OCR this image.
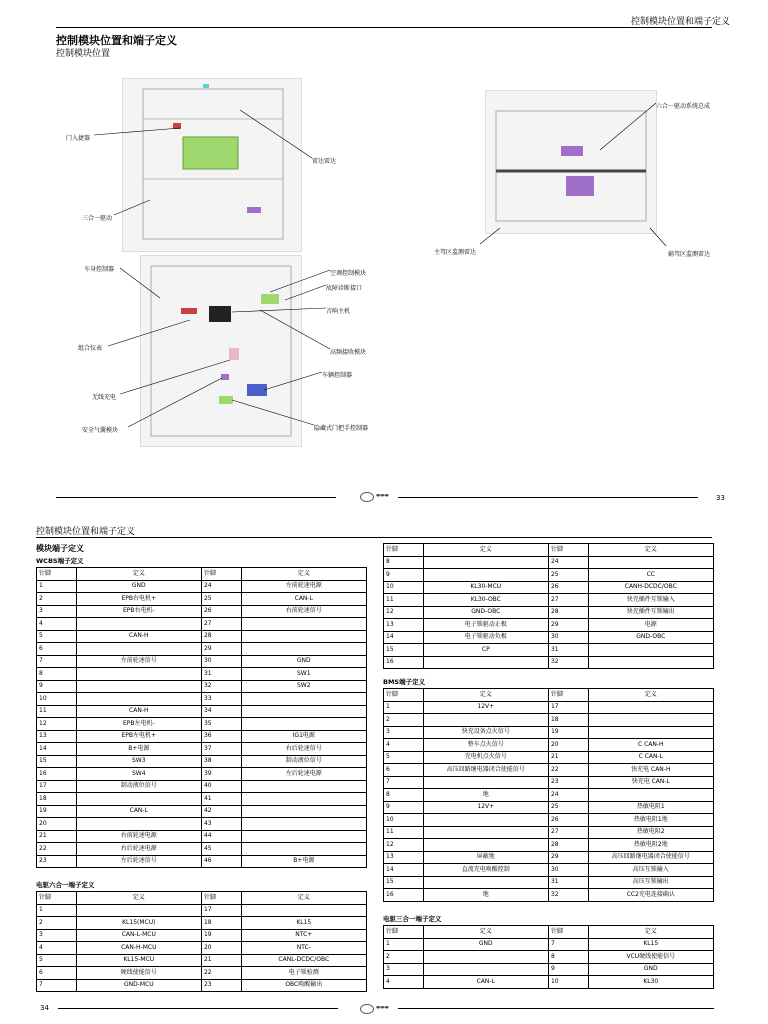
控制模块位置和端子定义
控制模块位置和端子定义
控制模块位置
门入捷器
三合一驱动
雷达雷达
六合一驱动系统总成
主驾区监测雷达	辅驾区监测雷达
车身控制器
组合仪表
无线充电
安全气囊模块
空调控制模块
故障诊断接口
音响主机
高频接收模块
车辆控制器
隐藏式门把手控制器
⬬⬬⬬	33
控制模块位置和端子定义
模块端子定义
WCBS端子定义
针脚	定义	针脚	定义
1	GND	24	左前轮速电源
2	EPB右电机+	25	CAN-L
3	EPB右电机-	26	右前轮速信号
4		27	
5	CAN-H	28	
6		29	
7	左前轮速信号	30	GND
8		31	SW1
9		32	SW2
10		33	
11	CAN-H	34	
12	EPB左电机-	35	
13	EPB左电机+	36	IG1电源
14	B+电源	37	右后轮速信号
15	SW3	38	制动液位信号
16	SW4	39	左后轮速电源
17	制动液位信号	40	
18		41	
19	CAN-L	42	
20		43	
21	右前轮速电源	44	
22	右后轮速电源	45	
23	左后轮速信号	46	B+电源
电驱六合一端子定义
针脚	定义	针脚	定义
1		17	
2	KL15(MCU)	18	KL15
3	CAN-L-MCU	19	NTC+
4	CAN-H-MCU	20	NTC-
5	KL15-MCU	21	CANL-DCDC/OBC
6	硬线使能信号	22	电子锁检测
7	GND-MCU	23	OBC唤醒输出
针脚	定义	针脚	定义
8		24	
9		25	CC
10	KL30-MCU	26	CANH-DCDC/OBC
11	KL30-OBC	27	快充插件互锁输入
12	GND-OBC	28	快充插件互锁输出
13	电子锁驱动正极	29	电源
14	电子锁驱动负极	30	GND-OBC
15	CP	31	
16		32	
BMS端子定义
针脚	定义	针脚	定义
1	12V+	17	
2		18	
3	快充设备点火信号	19	
4	整车点火信号	20	C CAN-H
5	充电机点火信号	21	C CAN-L
6	高压回路继电器闭合使能信号	22	快充电 CAN-H
7		23	快充电 CAN-L
8	地	24	
9	12V+	25	热敏电阻1
10		26	热敏电阻1地
11		27	热敏电阻2
12		28	热敏电阻2地
13	屏蔽地	29	高压回路继电器闭合使能信号
14	直流充电唤醒控制	30	高压互锁输入
15		31	高压互锁输出
16	地	32	CC2充电连接确认
电驱三合一端子定义
针脚	定义	针脚	定义
1	GND	7	KL15
2		8	VCU硬线使能信号
3		9	GND
4	CAN-L	10	KL30
34	⬬⬬⬬
